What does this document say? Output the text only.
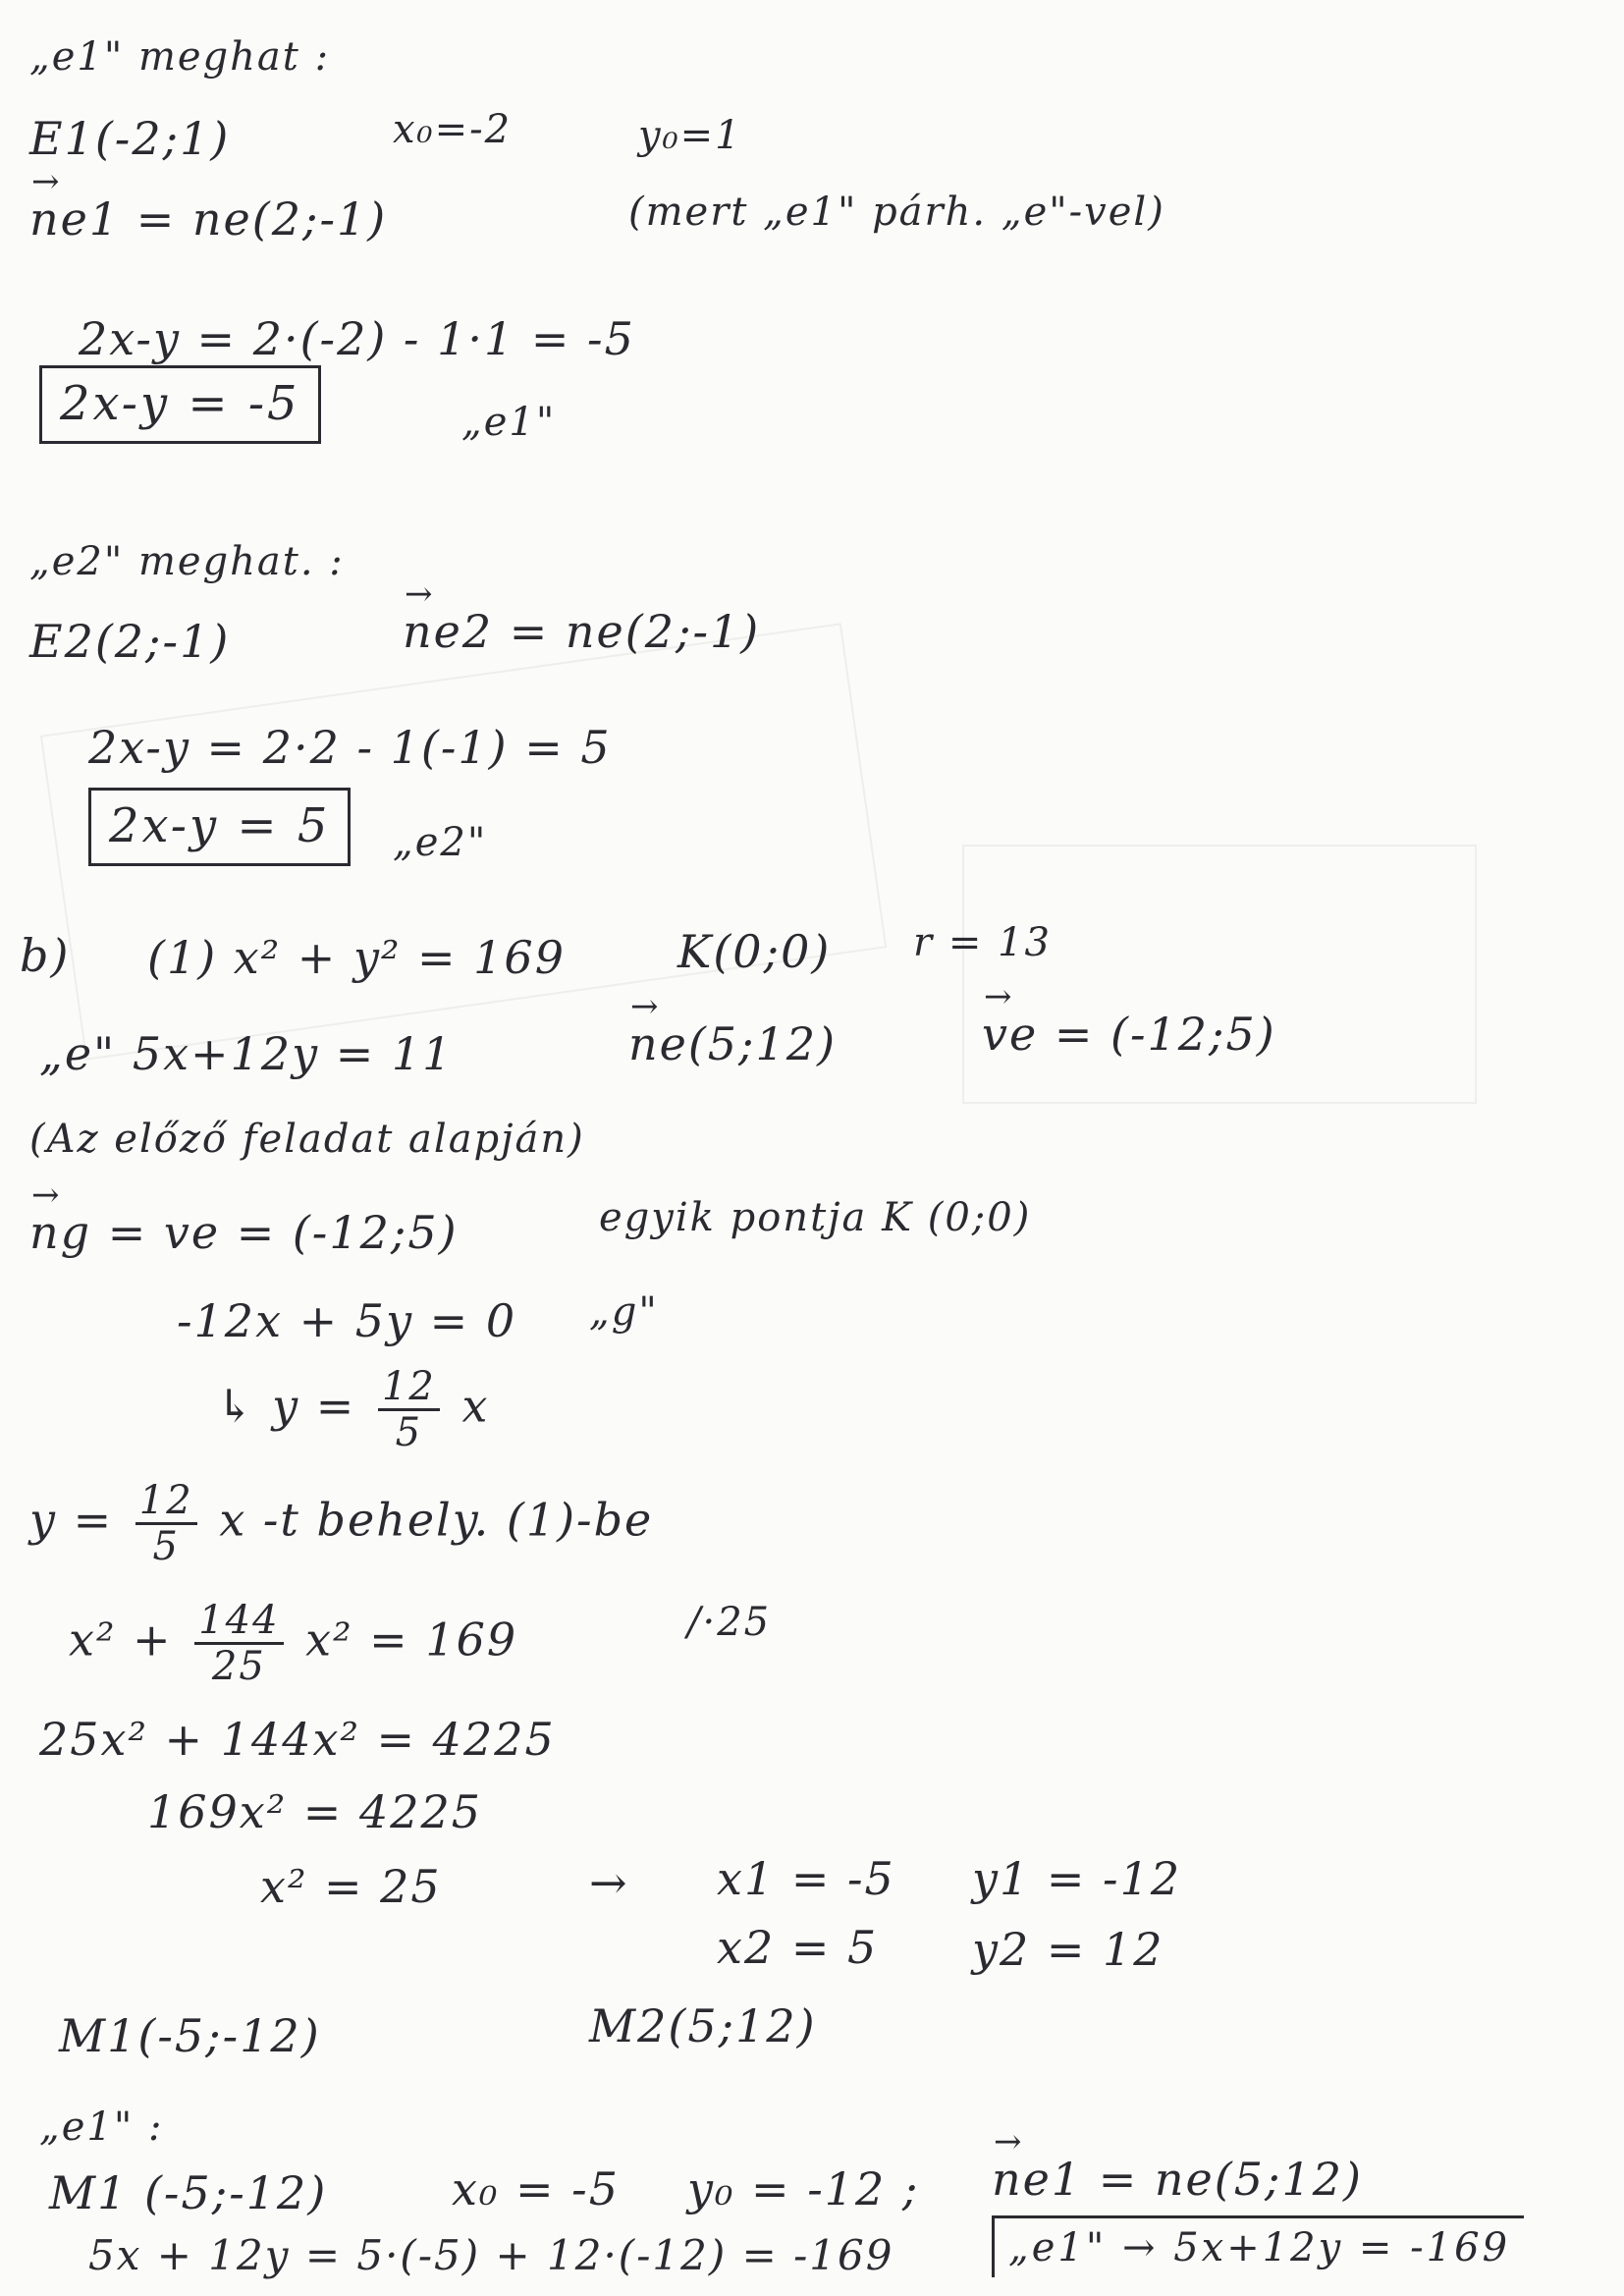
„e1" meghat :
E1(-2;1)	x₀=-2	y₀=1
→ ne1 = ne(2;-1)	(mert „e1" párh. „e"-vel)
2x-y = 2·(-2) - 1·1 = -5
2x-y = -5	„e1"
„e2" meghat. :
E2(2;-1)	→ ne2 = ne(2;-1)
2x-y = 2·2 - 1(-1) = 5
2x-y = 5	„e2"
b) (1) x² + y² = 169 K(0;0) r = 13
„e" 5x+12y = 11	→ ne(5;12)	→ ve = (-12;5)
(Az előző feladat alapján)
→ ng = ve = (-12;5)	egyik pontja K (0;0)
-12x + 5y = 0 „g"
↳ $y = \frac{12}{5}$ x
$y = \frac{12}{5}$ x -t behely. (1)-be
$x^2 + \frac{144}{25} x^2 = 169$	/·25
25x² + 144x² = 4225
169x² = 4225
x² = 25	→ x1 = -5 y1 = -12
x2 = 5 y2 = 12
M1(-5;-12)	M2(5;12)
„e1" :
M1 (-5;-12)	x₀ = -5 y₀ = -12 ; → ne1 = ne(5;12)
5x + 12y = 5·(-5) + 12·(-12) = -169	„e1" → 5x+12y = -169
